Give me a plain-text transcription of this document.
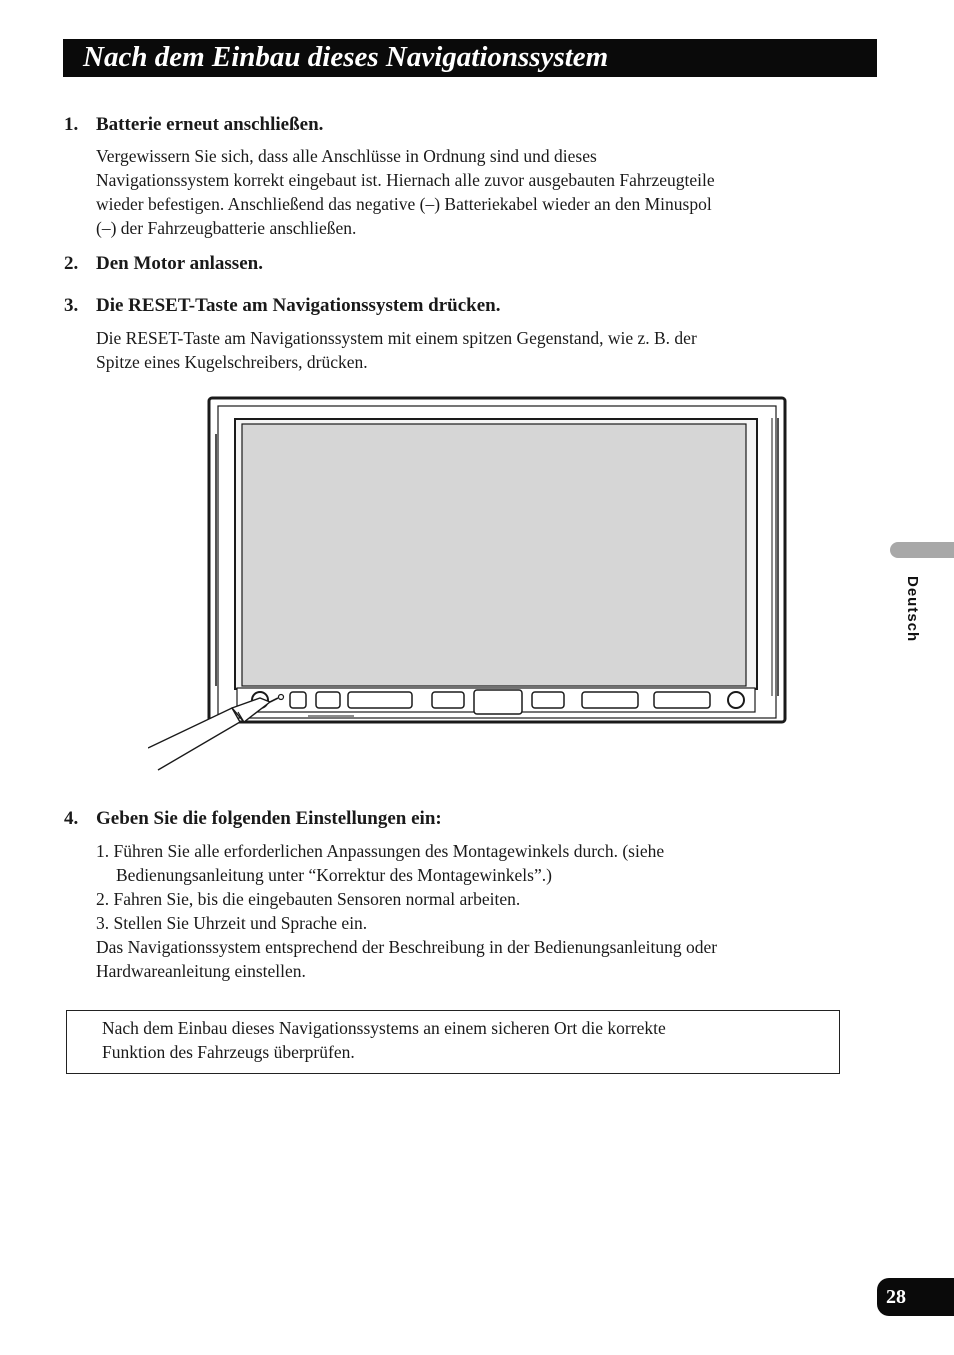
Nach dem Einbau dieses Navigationssystem
1. Batterie erneut anschließen.
Vergewissern Sie sich, dass alle Anschlüsse in Ordnung sind und dieses
Navigationssystem korrekt eingebaut ist. Hiernach alle zuvor ausgebauten Fahrzeugteile
wieder befestigen. Anschließend das negative (–) Batteriekabel wieder an den Minuspol
(–) der Fahrzeugbatterie anschließen.
2. Den Motor anlassen.
3. Die RESET-Taste am Navigationssystem drücken.
Die RESET-Taste am Navigationssystem mit einem spitzen Gegenstand, wie z. B. der
Spitze eines Kugelschreibers, drücken.
4. Geben Sie die folgenden Einstellungen ein:
1. Führen Sie alle erforderlichen Anpassungen des Montagewinkels durch. (siehe
Bedienungsanleitung unter “Korrektur des Montagewinkels”.)
2. Fahren Sie, bis die eingebauten Sensoren normal arbeiten.
3. Stellen Sie Uhrzeit und Sprache ein.
Das Navigationssystem entsprechend der Beschreibung in der Bedienungsanleitung oder
Hardwareanleitung einstellen.
Nach dem Einbau dieses Navigationssystems an einem sicheren Ort die korrekte
Funktion des Fahrzeugs überprüfen.
Deutsch
28
